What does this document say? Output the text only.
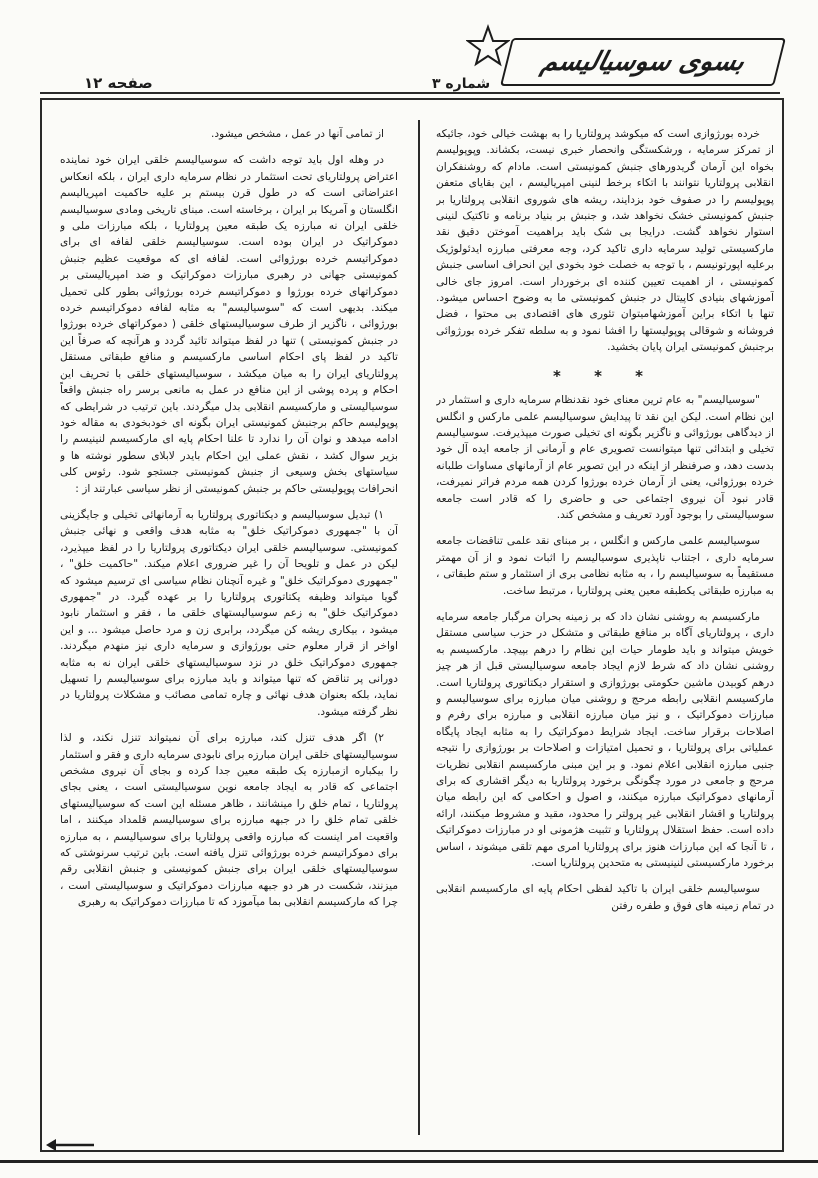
بسوی سوسیالیسم
شماره ۳
صفحه ۱۲

خرده بورژوازی است که میکوشد پرولتاریا را به بهشت خیالی خود، جائیکه از تمرکز سرمایه ، ورشکستگی وانحصار خبری نیست، بکشاند. وپوپولیسم بخواه این آرمان گریدورهای جنبش کمونیستی است. مادام که روشنفکران انقلابی پرولتاریا نتوانند با اتکاء برخط لنینی امپریالیسم ، این بقایای متعفن پوپولیسم را در صفوف خود بزدایند، ریشه های شوروی انقلابی پرولتاریا بر جنبش کمونیستی خشک نخواهد شد، و جنبش بر بنیاد برنامه و تاکتیک لنینی استوار نخواهد گشت. درایجا بی شک باید براهمیت آموختن دقیق نقد مارکسیستی تولید سرمایه داری تاکید کرد، وجه معرفتی مبارزه ایدئولوژیک برعلیه اپورتونیسم ، با توجه به خصلت خود بخودی این انحراف اساسی جنبش کمونیستی ، از اهمیت تعیین کننده ای برخوردار است. امروز جای خالی آموزشهای بنیادی کاپیتال در جنبش کمونیستی ما به وضوح احساس میشود. تنها با اتکاء براین آموزشهامیتوان تئوری های اقتصادی بی محتوا ، فضل فروشانه و شوقالی پوپولیستها را افشا نمود و به سلطه تفکر خرده بورژوائی برجنبش کمونیستی ایران پایان بخشید.

* * *

"سوسیالیسم" به عام ترین معنای خود نقدنظام سرمایه داری و استثمار در این نظام است. لیکن این نقد تا پیدایش سوسیالیسم علمی مارکس و انگلس از دیدگاهی بورژوائی و ناگزیر بگونه ای تخیلی صورت میپذیرفت. سوسیالیسم تخیلی و ابتدائی تنها میتوانست تصویری عام و آرمانی از جامعه ایده آل خود بدست دهد، و صرفنظر از اینکه در این تصویر عام از آرمانهای مساوات طلبانه خرده بورژوائی، یعنی از آرمان خرده بورژوا کردن همه مردم فراتر نمیرفت، قادر نبود آن نیروی اجتماعی حی و حاضری را که قادر است جامعه سوسیالیستی را بوجود آورد تعریف و مشخص کند.

سوسیالیسم علمی مارکس و انگلس ، بر مبنای نقد علمی تناقضات جامعه سرمایه داری ، اجتناب ناپذیری سوسیالیسم را اثبات نمود و از آن مهمتر مستقیماً به سوسیالیسم را ، به مثابه نظامی بری از استثمار و ستم طبقاتی ، به مبارزه طبقاتی یکطبقه معین یعنی پرولتاریا ، مرتبط ساخت.

مارکسیسم به روشنی نشان داد که بر زمینه بحران مرگبار جامعه سرمایه داری ، پرولتاریای آگاه بر منافع طبقاتی و متشکل در حزب سیاسی مستقل خویش میتواند و باید طومار حیات این نظام را درهم بپیچد. مارکسیسم به روشنی نشان داد که شرط لازم ایجاد جامعه سوسیالیستی قبل از هر چیز درهم کوبیدن ماشین حکومتی بورژوازی و استقرار دیکتاتوری پرولتاریا است. مارکسیسم انقلابی رابطه مرحج و روشنی میان مبارزه برای سوسیالیسم و مبارزات دموکراتیک ، و نیز میان مبارزه انقلابی و مبارزه برای رفرم و اصلاحات برقرار ساخت. ایجاد شرایط دموکراتیک را به مثابه ایجاد پایگاه عملیاتی برای پرولتاریا ، و تحمیل امتیازات و اصلاحات بر بورژوازی را نتیجه جنبی مبارزه انقلابی اعلام نمود. و بر این مبنی مارکسیسم انقلابی نظریات مرحج و جامعی در مورد چگونگی برخورد پرولتاریا به دیگر اقشاری که برای آرمانهای دموکراتیک مبارزه میکنند، و اصول و احکامی که این رابطه میان پرولتاریا و اقشار انقلابی غیر پرولتر را محدود، مقید و مشروط میکنند، ارائه داده است. حفظ استقلال پرولتاریا و تثبیت هژمونی او در مبارزات دموکراتیک ، تا آنجا که این مبارزات هنوز برای پرولتاریا امری مهم تلقی میشوند ، اساس برخورد مارکسیستی لنینیستی به متحدین پرولتاریا است.

سوسیالیسم خلقی ایران با تاکید لفظی احکام پایه ای مارکسیسم انقلابی در تمام زمینه های فوق و طفره رفتن

از تمامی آنها در عمل ، مشخص میشود.

در وهله اول باید توجه داشت که سوسیالیسم خلقی ایران خود نماینده اعتراض پرولتاریای تحت استثمار در نظام سرمایه داری ایران ، بلکه انعکاس اعتراضاتی است که در طول قرن بیستم بر علیه حاکمیت امپریالیسم انگلستان و آمریکا بر ایران ، برخاسته است. مبنای تاریخی ومادی سوسیالیسم خلقی ایران نه مبارزه یک طبقه معین پرولتاریا ، بلکه مبارزات ملی و دموکراتیک در ایران بوده است. سوسیالیسم خلقی لفافه ای برای دموکراتیسم خرده بورژوائی است. لفافه ای که موقعیت عظیم جنبش کمونیستی جهانی در رهبری مبارزات دموکراتیک و ضد امپریالیستی بر دموکراتهای خرده بورژوا و دموکراتیسم خرده بورژوائی بطور کلی تحمیل میکند. بدیهی است که "سوسیالیسم" به مثابه لفافه دموکراتیسم خرده بورژوائی ، ناگزیر از طرف سوسیالیستهای خلقی ( دموکراتهای خرده بورژوا در جنبش کمونیستی ) تنها در لفظ میتواند تائید گردد و هرآنچه که صرفاً این تاکید در لفظ پای احکام اساسی مارکسیسم و منافع طبقاتی مستقل پرولتاریای ایران را به میان میکشد ، سوسیالیستهای خلقی با تحریف این احکام و پرده پوشی از این منافع در عمل به مانعی برسر راه جنبش واقعاً سوسیالیستی و مارکسیسم انقلابی بدل میگردند. باین ترتیب در شرایطی که پوپولیسم حاکم برجنبش کمونیستی ایران بگونه ای خودبخودی به مقاله خود ادامه میدهد و نوان آن را ندارد تا علنا احکام پایه ای مارکسیسم لنینیسم را بزیر سوال کشد ، نقش عملی این احکام بایدر لابلای سطور نوشته ها و سیاستهای بخش وسیعی از جنبش کمونیستی جستجو شود. رئوس کلی انحرافات پوپولیستی حاکم بر جنبش کمونیستی از نظر سیاسی عبارتند از :

۱) تبدیل سوسیالیسم و دیکتاتوری پرولتاریا به آرمانهائی تخیلی و جایگزینی آن با "جمهوری دموکراتیک خلق" به مثابه هدف واقعی و نهائی جنبش کمونیستی. سوسیالیسم خلقی ایران دیکتاتوری پرولتاریا را در لفظ میپذیرد، لیکن در عمل و تلویحا آن را غیر ضروری اعلام میکند. "حاکمیت خلق" ، "جمهوری دموکراتیک خلق" و غیره آنچنان نظام سیاسی ای ترسیم میشود که گویا میتواند وظیفه یکتاتوری پرولتاریا را بر عهده گیرد. در "جمهوری دموکراتیک خلق" به زعم سوسیالیستهای خلقی ما ، فقر و استثمار نابود میشود ، بیکاری ریشه کن میگردد، برابری زن و مرد حاصل میشود ... و این اواخر از قرار معلوم حتی بورژوازی و سرمایه داری نیز منهدم میگردند. جمهوری دموکراتیک خلق در نزد سوسیالیستهای خلقی ایران نه به مثابه دورانی پر تناقض که تنها میتواند و باید مبارزه برای سوسیالیسم را تسهیل نماید، بلکه بعنوان هدف نهائی و چاره تمامی مصائب و مشکلات پرولتاریا در نظر گرفته میشود.

۲) اگر هدف تنزل کند، مبارزه برای آن نمیتواند تنزل نکند، و لذا سوسیالیستهای خلقی ایران مبارزه برای نابودی سرمایه داری و فقر و استثمار را بیکباره ازمبارزه یک طبقه معین جدا کرده و بجای آن نیروی مشخص اجتماعی که قادر به ایجاد جامعه نوین سوسیالیستی است ، یعنی بجای پرولتاریا ، تمام خلق را مینشانند ، ظاهر مسئله این است که سوسیالیستهای خلقی تمام خلق را در جبهه مبارزه برای سوسیالیسم قلمداد میکنند ، اما واقعیت امر اینست که مبارزه واقعی پرولتاریا برای سوسیالیسم ، به مبارزه برای دموکراتیسم خرده بورژوائی تنزل یافته است. باین ترتیب سرنوشتی که سوسیالیستهای خلقی ایران برای جنبش کمونیستی و جنبش انقلابی رقم میزنند، شکست در هر دو جبهه مبارزات دموکراتیک و سوسیالیستی است ، چرا که مارکسیسم انقلابی بما میآموزد که تا مبارزات دموکراتیک به رهبری
